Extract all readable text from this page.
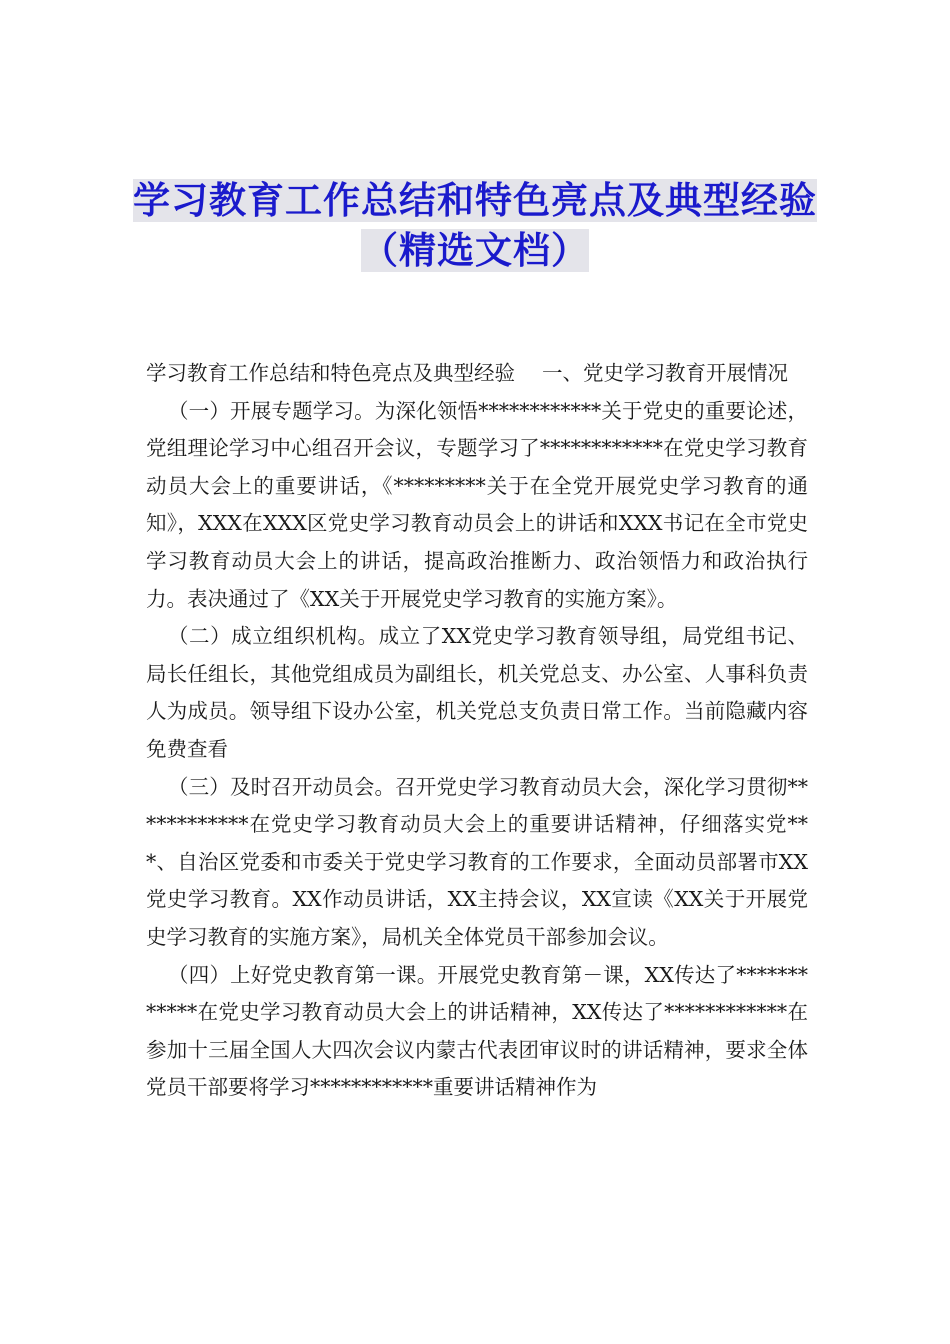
学习教育工作总结和特色亮点及典型经验（精选文档）

学习教育工作总结和特色亮点及典型经验　 一、党史学习教育开展情况

（一）开展专题学习。为深化领悟************关于党史的重要论述，党组理论学习中心组召开会议，专题学习了************在党史学习教育动员大会上的重要讲话，《*********关于在全党开展党史学习教育的通知》，XXX在XXX区党史学习教育动员会上的讲话和XXX书记在全市党史学习教育动员大会上的讲话，提高政治推断力、政治领悟力和政治执行力。表决通过了《XX关于开展党史学习教育的实施方案》。

（二）成立组织机构。成立了XX党史学习教育领导组，局党组书记、局长任组长，其他党组成员为副组长，机关党总支、办公室、人事科负责人为成员。领导组下设办公室，机关党总支负责日常工作。当前隐藏内容免费查看

（三）及时召开动员会。召开党史学习教育动员大会，深化学习贯彻************在党史学习教育动员大会上的重要讲话精神，仔细落实党***、自治区党委和市委关于党史学习教育的工作要求，全面动员部署市XX党史学习教育。XX作动员讲话，XX主持会议，XX宣读《XX关于开展党史学习教育的实施方案》，局机关全体党员干部参加会议。

（四）上好党史教育第一课。开展党史教育第－课，XX传达了************在党史学习教育动员大会上的讲话精神，XX传达了************在参加十三届全国人大四次会议内蒙古代表团审议时的讲话精神，要求全体党员干部要将学习************重要讲话精神作为
